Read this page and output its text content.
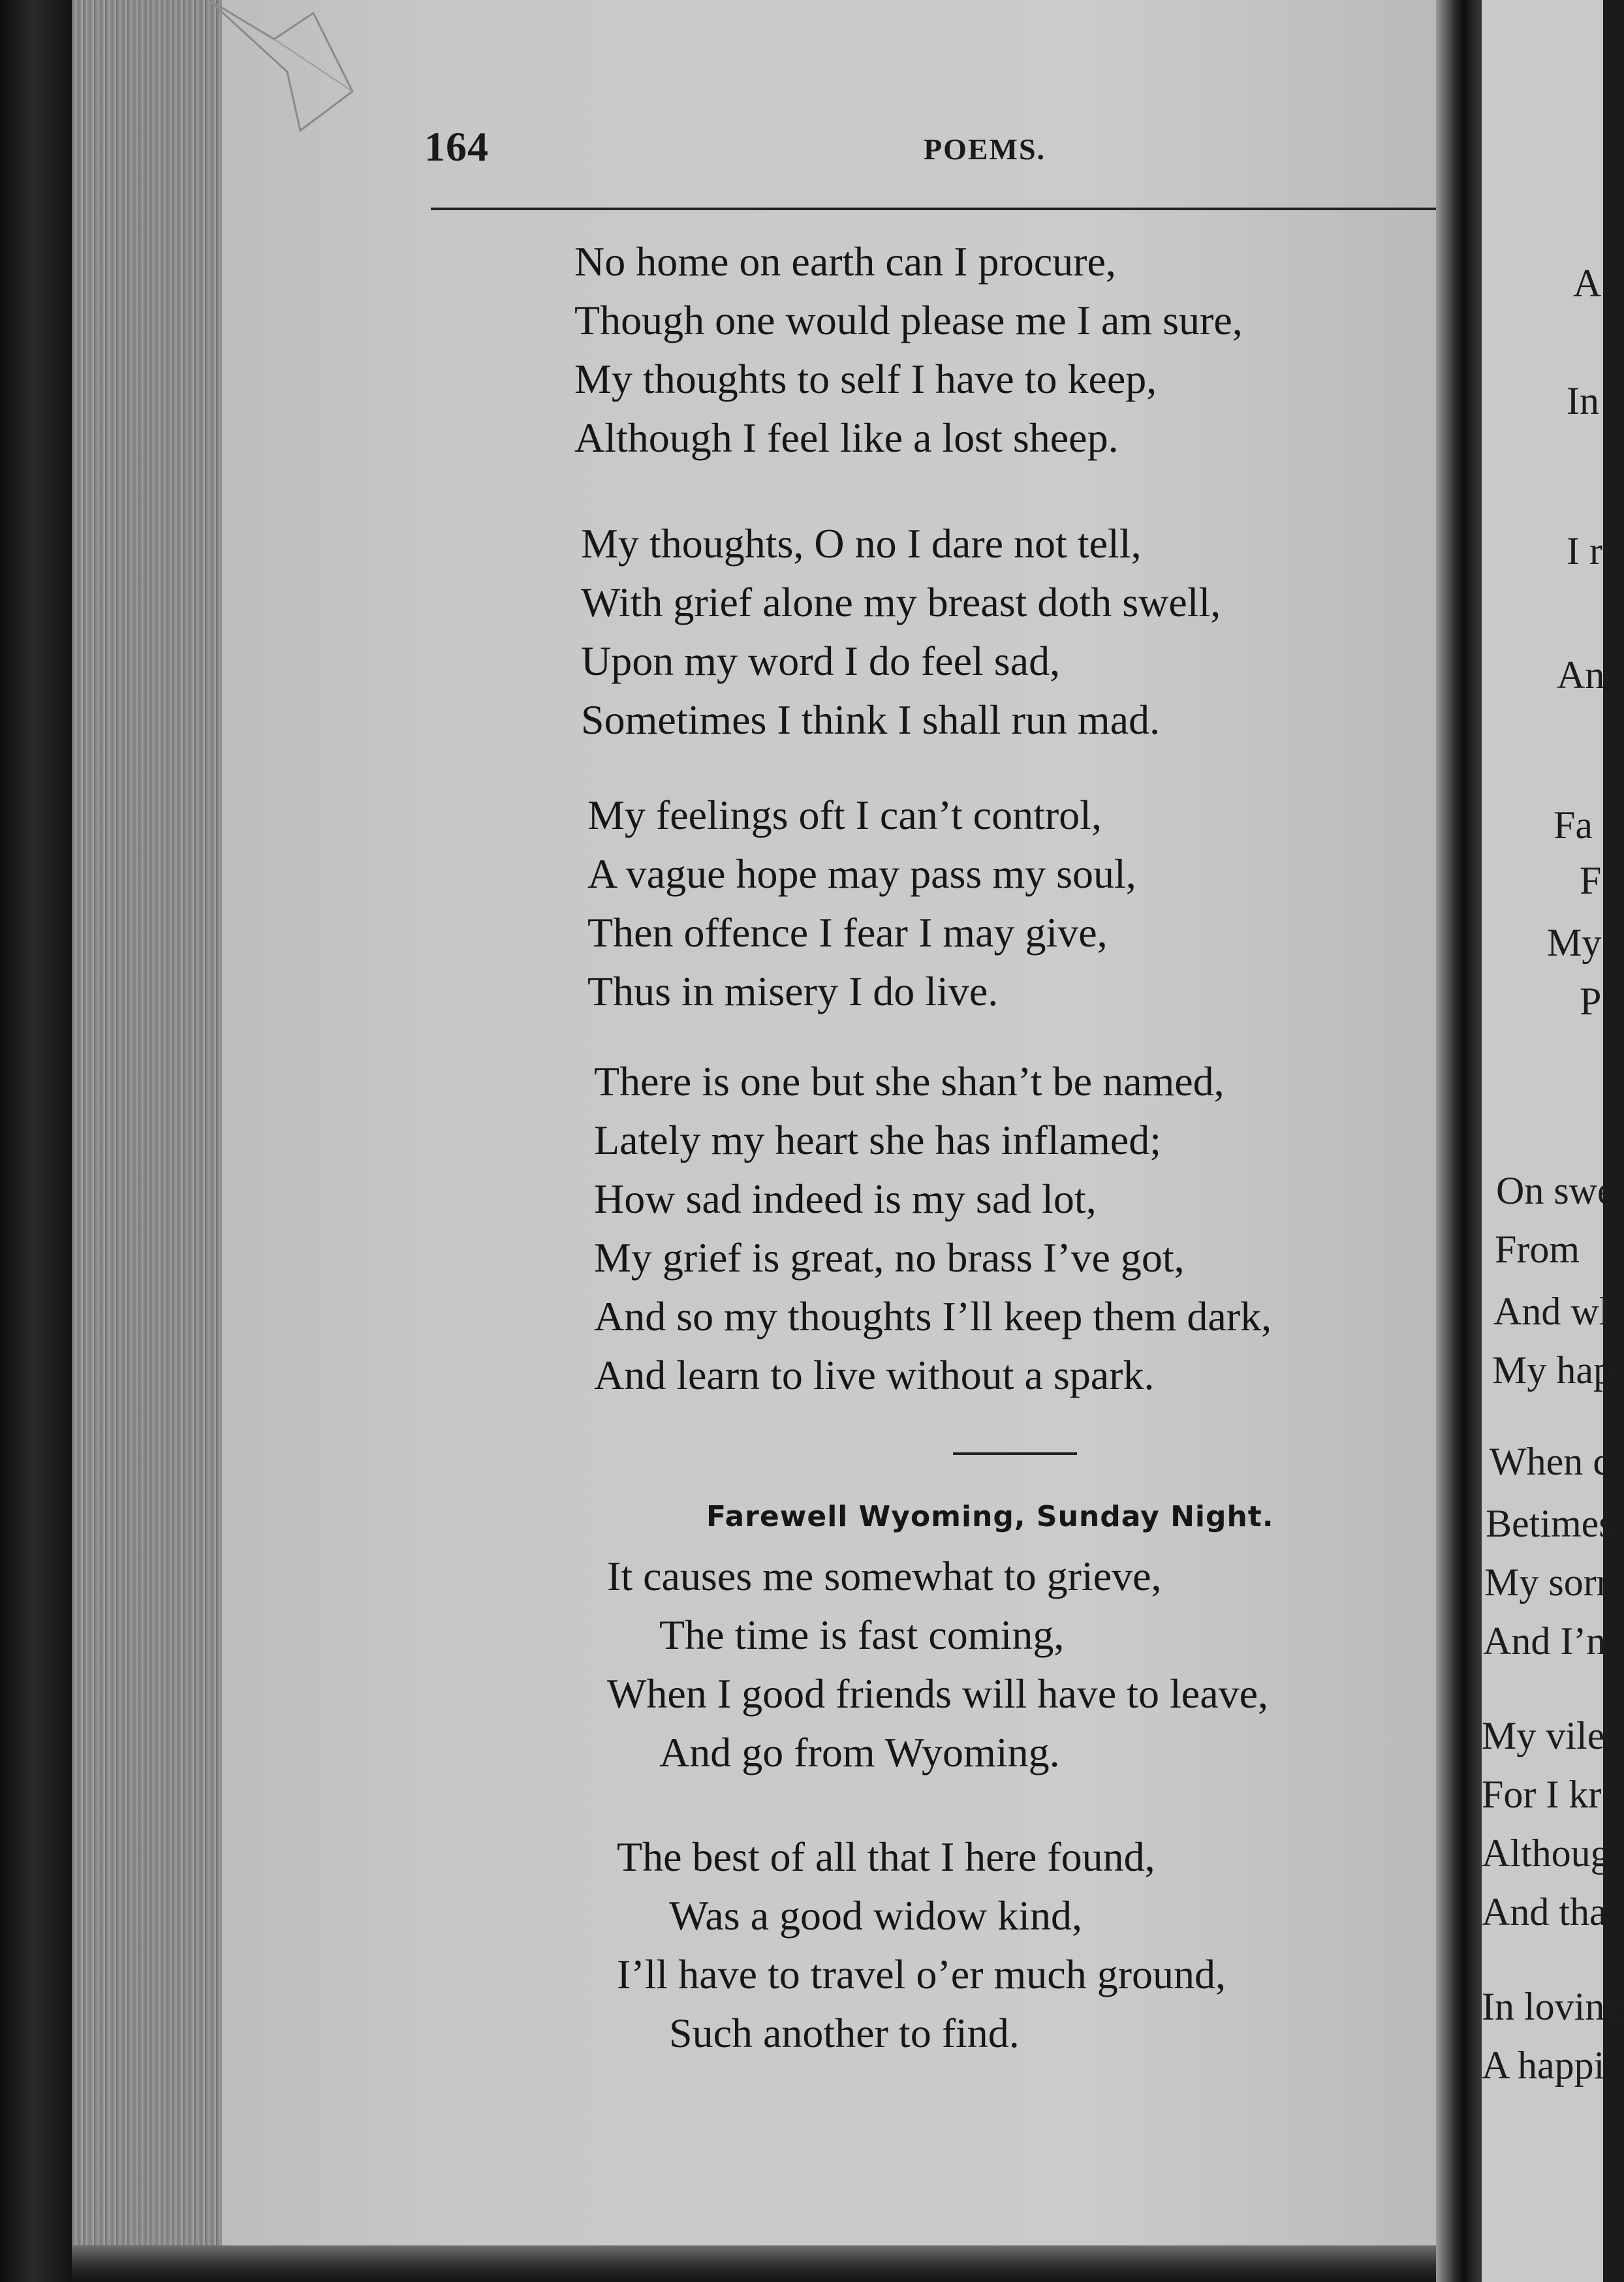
A
In
I r
An
Fa
F
My
P
On swe
From
And wl
My hap
When c
Betimes
My sorr
And I’n
My vile
For I kr
Althoug
And tha
In loving
A happi
164	POEMS.
No home on earth can I procure,
Though one would please me I am sure,
My thoughts to self I have to keep,
Although I feel like a lost sheep.
My thoughts, O no I dare not tell,
With grief alone my breast doth swell,
Upon my word I do feel sad,
Sometimes I think I shall run mad.
My feelings oft I can’t control,
A vague hope may pass my soul,
Then offence I fear I may give,
Thus in misery I do live.
There is one but she shan’t be named,
Lately my heart she has inflamed;
How sad indeed is my sad lot,
My grief is great, no brass I’ve got,
And so my thoughts I’ll keep them dark,
And learn to live without a spark.
Farewell Wyoming, Sunday Night.
It causes me somewhat to grieve,
The time is fast coming,
When I good friends will have to leave,
And go from Wyoming.
The best of all that I here found,
Was a good widow kind,
I’ll have to travel o’er much ground,
Such another to find.
